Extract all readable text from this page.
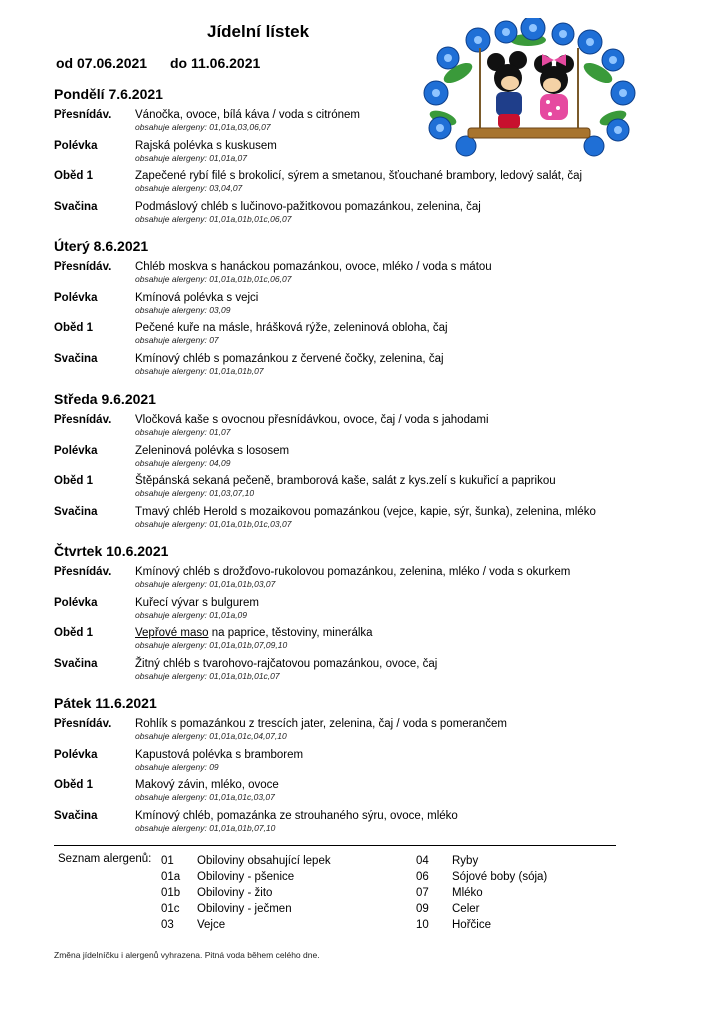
Jídelní lístek
od 07.06.2021 do 11.06.2021
Pondělí 7.6.2021
Přesnídáv. Vánočka, ovoce, bílá káva / voda s citrónem
obsahuje alergeny: 01,01a,03,06,07
Polévka	Rajská polévka s kuskusem
obsahuje alergeny: 01,01a,07
Oběd 1	Zapečené rybí filé s brokolicí, sýrem a smetanou, šťouchané brambory, ledový salát, čaj
obsahuje alergeny: 03,04,07
Svačina	Podmáslový chléb s lučinovo-pažitkovou pomazánkou, zelenina, čaj
obsahuje alergeny: 01,01a,01b,01c,06,07
Úterý 8.6.2021
Přesnídáv. Chléb moskva s hanáckou pomazánkou, ovoce, mléko / voda s mátou
obsahuje alergeny: 01,01a,01b,01c,06,07
Polévka	Kmínová polévka s vejci
obsahuje alergeny: 03,09
Oběd 1	Pečené kuře na másle, hrášková rýže, zeleninová obloha, čaj
obsahuje alergeny: 07
Svačina	Kmínový chléb s pomazánkou z červené čočky, zelenina, čaj
obsahuje alergeny: 01,01a,01b,07
Středa 9.6.2021
Přesnídáv. Vločková kaše s ovocnou přesnídávkou, ovoce, čaj / voda s jahodami
obsahuje alergeny: 01,07
Polévka	Zeleninová polévka s lososem
obsahuje alergeny: 04,09
Oběd 1	Štěpánská sekaná pečeně, bramborová kaše, salát z kys.zelí s kukuřicí a paprikou
obsahuje alergeny: 01,03,07,10
Svačina	Tmavý chléb Herold s mozaikovou pomazánkou (vejce, kapie, sýr, šunka), zelenina, mléko
obsahuje alergeny: 01,01a,01b,01c,03,07
Čtvrtek 10.6.2021
Přesnídáv. Kmínový chléb s drožďovo-rukolovou pomazánkou, zelenina, mléko / voda s okurkem
obsahuje alergeny: 01,01a,01b,03,07
Polévka	Kuřecí vývar s bulgurem
obsahuje alergeny: 01,01a,09
Oběd 1	Vepřové maso na paprice, těstoviny, minerálka
obsahuje alergeny: 01,01a,01b,07,09,10
Svačina	Žitný chléb s tvarohovo-rajčatovou pomazánkou, ovoce, čaj
obsahuje alergeny: 01,01a,01b,01c,07
Pátek 11.6.2021
Přesnídáv. Rohlík s pomazánkou z trescích jater, zelenina, čaj / voda s pomerančem
obsahuje alergeny: 01,01a,01c,04,07,10
Polévka	Kapustová polévka s bramborem
obsahuje alergeny: 09
Oběd 1	Makový závin, mléko, ovoce
obsahuje alergeny: 01,01a,01c,03,07
Svačina	Kmínový chléb, pomazánka ze strouhaného sýru, ovoce, mléko
obsahuje alergeny: 01,01a,01b,07,10
Seznam alergenů: 01 Obiloviny obsahující lepek
01a Obiloviny - pšenice
01b Obiloviny - žito
01c Obiloviny - ječmen
03 Vejce
04 Ryby
06 Sójové boby (sója)
07 Mléko
09 Celer
10 Hořčice
Změna jídelníčku i alergenů vyhrazena. Pitná voda během celého dne.
